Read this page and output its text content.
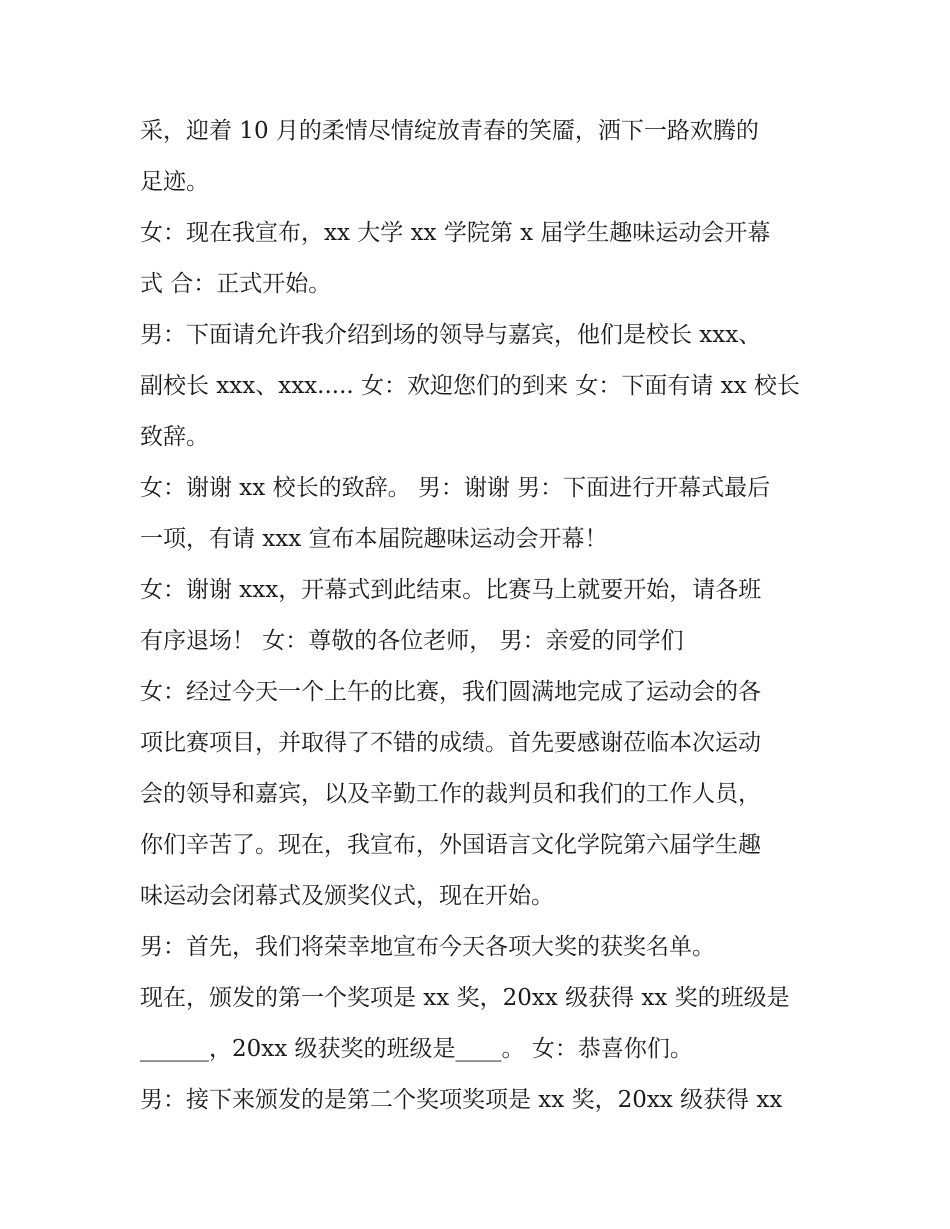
采，迎着 10 月的柔情尽情绽放青春的笑靥，洒下一路欢腾的
足迹。
女：现在我宣布，xx 大学 xx 学院第 x 届学生趣味运动会开幕
式 合：正式开始。
男：下面请允许我介绍到场的领导与嘉宾，他们是校长 xxx、
副校长 xxx、xxx..... 女：欢迎您们的到来 女：下面有请 xx 校长
致辞。
女：谢谢 xx 校长的致辞。 男：谢谢 男：下面进行开幕式最后
一项，有请 xxx 宣布本届院趣味运动会开幕！
女：谢谢 xxx，开幕式到此结束。比赛马上就要开始，请各班
有序退场！ 女：尊敬的各位老师， 男：亲爱的同学们
女：经过今天一个上午的比赛，我们圆满地完成了运动会的各
项比赛项目，并取得了不错的成绩。首先要感谢莅临本次运动
会的领导和嘉宾，以及辛勤工作的裁判员和我们的工作人员，
你们辛苦了。现在，我宣布，外国语言文化学院第六届学生趣
味运动会闭幕式及颁奖仪式，现在开始。
男：首先，我们将荣幸地宣布今天各项大奖的获奖名单。
现在，颁发的第一个奖项是 xx 奖，20xx 级获得 xx 奖的班级是
______，20xx 级获奖的班级是____。 女：恭喜你们。
男：接下来颁发的是第二个奖项奖项是 xx 奖，20xx 级获得 xx
